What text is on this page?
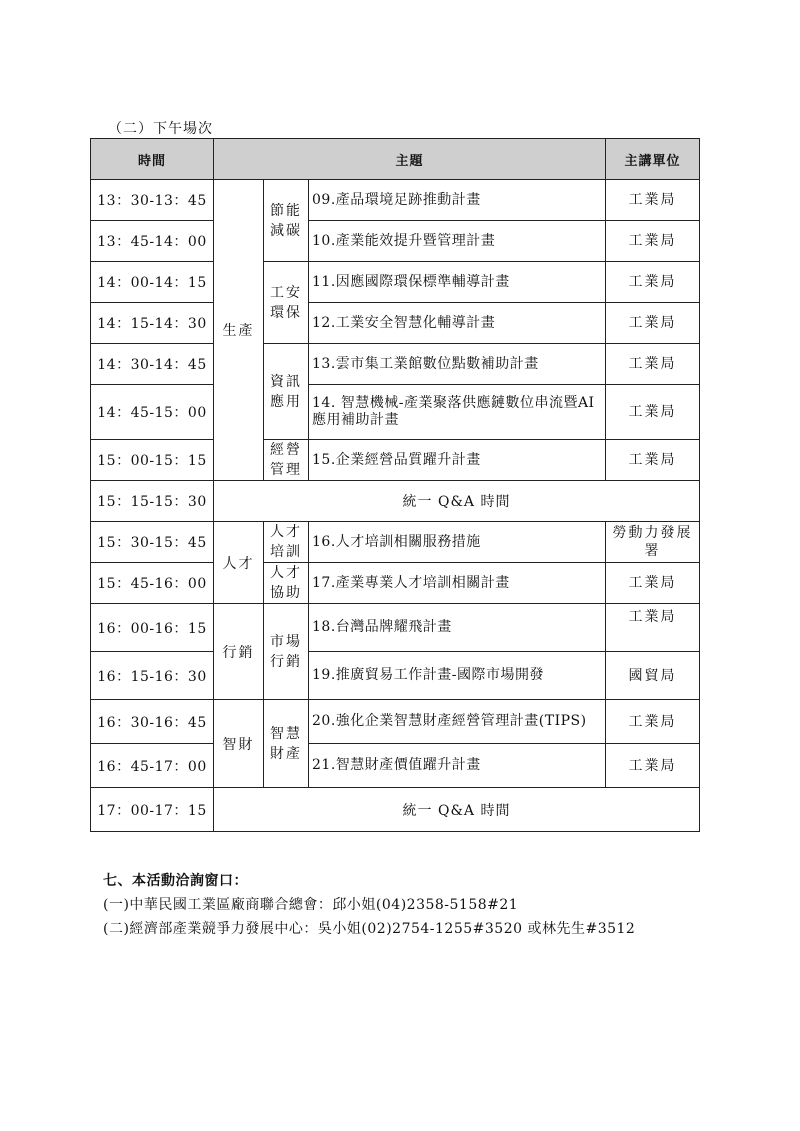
（二）下午場次
時間	主題			主講單位
13：30-13：45	生產	節能減碳	09.產品環境足跡推動計畫	工業局
13：45-14：00			10.產業能效提升暨管理計畫	工業局
14：00-14：15		工安環保	11.因應國際環保標準輔導計畫	工業局
14：15-14：30			12.工業安全智慧化輔導計畫	工業局
14：30-14：45		資訊應用	13.雲市集工業館數位點數補助計畫	工業局
14：45-15：00			14. 智慧機械-產業聚落供應鏈數位串流暨AI應用補助計畫	工業局
15：00-15：15		經營管理	15.企業經營品質躍升計畫	工業局
15：15-15：30	統一 Q&A 時間			
15：30-15：45	人才	人才培訓	16.人才培訓相關服務措施	勞動力發展署
15：45-16：00		人才協助	17.產業專業人才培訓相關計畫	工業局
16：00-16：15	行銷	市場行銷	18.台灣品牌耀飛計畫	工業局
16：15-16：30			19.推廣貿易工作計畫-國際市場開發	國貿局
16：30-16：45	智財	智慧財產	20.強化企業智慧財產經營管理計畫(TIPS)	工業局
16：45-17：00			21.智慧財產價值躍升計畫	工業局
17：00-17：15	統一 Q&A 時間			
七、本活動洽詢窗口：
(一)中華民國工業區廠商聯合總會：邱小姐(04)2358-5158#21
(二)經濟部產業競爭力發展中心：吳小姐(02)2754-1255#3520 或林先生#3512
